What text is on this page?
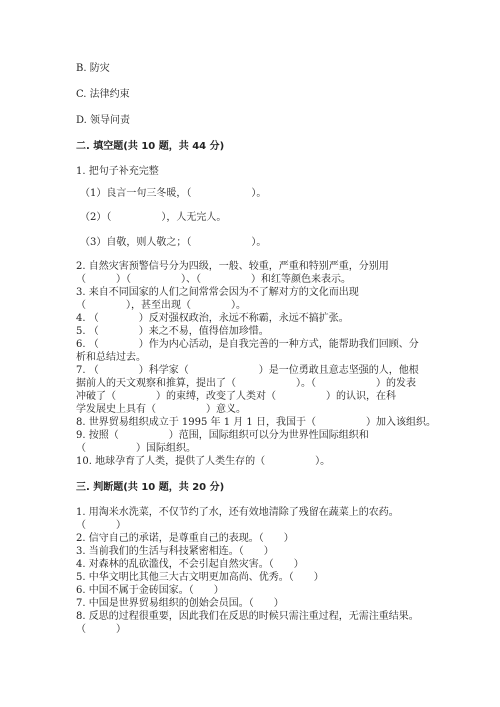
B. 防灾
C. 法律约束
D. 领导问责
二. 填空题(共 10 题，共 44 分)
1. 把句子补充完整
（1）良言一句三冬暖，（　　　　　　）。
（2）（　　　　　），人无完人。
（3）自敬，则人敬之；（　　　　　　）。
2. 自然灾害预警信号分为四级，一般、较重，严重和特别严重，分别用
（　　　）（　　　　　）、（　　　　　）和红等颜色来表示。
3. 来自不同国家的人们之间常常会因为不了解对方的文化而出现
（　　　　），甚至出现（　　　　）。
4. （　　　　）反对强权政治，永远不称霸，永远不搞扩张。
5. （　　　　）来之不易，值得倍加珍惜。
6. （　　　　）作为内心活动，是自我完善的一种方式，能帮助我们回顾、分
析和总结过去。
7. （　　　　）科学家（　　　　　　　）是一位勇敢且意志坚强的人，他根
据前人的天文观察和推算，提出了（　　　　　　）。（　　　　　　）的发表
冲破了（　　　　）的束缚，改变了人类对（　　　　　）的认识，在科
学发展史上具有（　　　　　）意义。
8. 世界贸易组织成立于 1995 年 1 月 1 日，我国于（　　　　　）加入该组织。
9. 按照（　　　　　）范围，国际组织可以分为世界性国际组织和
（　　　　　）国际组织。
10. 地球孕育了人类，提供了人类生存的（　　　　　）。
三. 判断题(共 10 题，共 20 分)
1. 用淘米水洗菜，不仅节约了水，还有效地清除了残留在蔬菜上的农药。
（　　　）
2. 信守自己的承诺，是尊重自己的表现。（　　）
3. 当前我们的生活与科技紧密相连。（　　）
4. 对森林的乱砍滥伐，不会引起自然灾害。（　　）
5. 中华文明比其他三大古文明更加高尚、优秀。（　　）
6. 中国不属于金砖国家。（　　）
7. 中国是世界贸易组织的创始会员国。（　　）
8. 反思的过程很重要，因此我们在反思的时候只需注重过程，无需注重结果。
（　　　）
